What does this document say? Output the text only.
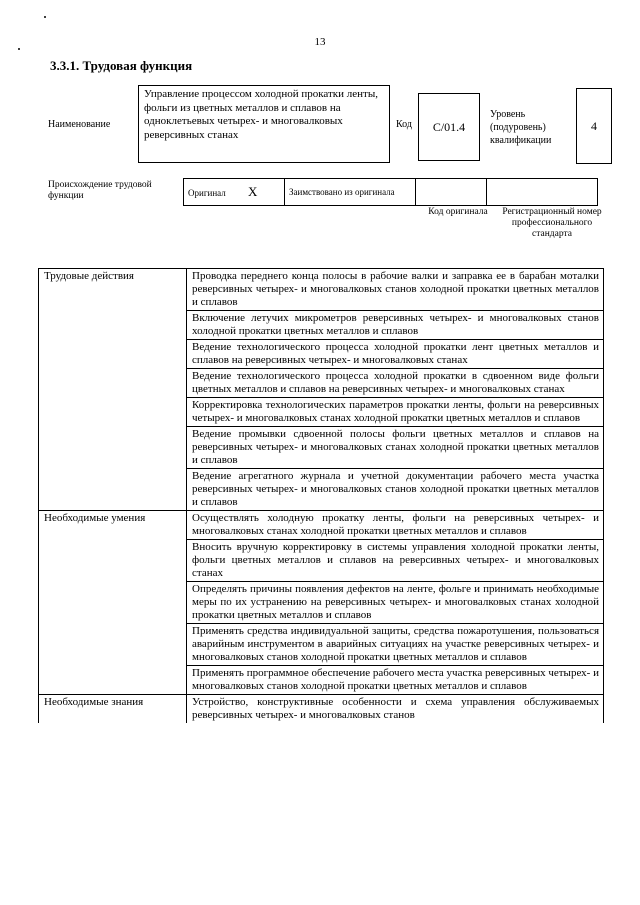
13
3.3.1. Трудовая функция
Наименование
Управление процессом холодной прокатки ленты, фольги из цветных металлов и сплавов на одноклетьевых четырех- и многовалковых реверсивных станах
Код	С/01.4
Уровень (подуровень) квалификации
4
Происхождение трудовой функции	Оригинал Х	Заимствовано из оригинала		
Код оригинала	Регистрационный номер профессионального стандарта
Трудовые действия	Проводка переднего конца полосы в рабочие валки и заправка ее в барабан моталки реверсивных четырех- и многовалковых станов холодной прокатки цветных металлов и сплавов
	Включение летучих микрометров реверсивных четырех- и многовалковых станов холодной прокатки цветных металлов и сплавов
	Ведение технологического процесса холодной прокатки лент цветных металлов и сплавов на реверсивных четырех- и многовалковых станах
	Ведение технологического процесса холодной прокатки в сдвоенном виде фольги цветных металлов и сплавов на реверсивных четырех- и многовалковых станах
	Корректировка технологических параметров прокатки ленты, фольги на реверсивных четырех- и многовалковых станах холодной прокатки цветных металлов и сплавов
	Ведение промывки сдвоенной полосы фольги цветных металлов и сплавов на реверсивных четырех- и многовалковых станах холодной прокатки цветных металлов и сплавов
	Ведение агрегатного журнала и учетной документации рабочего места участка реверсивных четырех- и многовалковых станов холодной прокатки цветных металлов и сплавов
Необходимые умения	Осуществлять холодную прокатку ленты, фольги на реверсивных четырех- и многовалковых станах холодной прокатки цветных металлов и сплавов
	Вносить вручную корректировку в системы управления холодной прокатки ленты, фольги цветных металлов и сплавов на реверсивных четырех- и многовалковых станах
	Определять причины появления дефектов на ленте, фольге и принимать необходимые меры по их устранению на реверсивных четырех- и многовалковых станах холодной прокатки цветных металлов и сплавов
	Применять средства индивидуальной защиты, средства пожаротушения, пользоваться аварийным инструментом в аварийных ситуациях на участке реверсивных четырех- и многовалковых станов холодной прокатки цветных металлов и сплавов
	Применять программное обеспечение рабочего места участка реверсивных четырех- и многовалковых станов холодной прокатки цветных металлов и сплавов
Необходимые знания	Устройство, конструктивные особенности и схема управления обслуживаемых реверсивных четырех- и многовалковых станов
